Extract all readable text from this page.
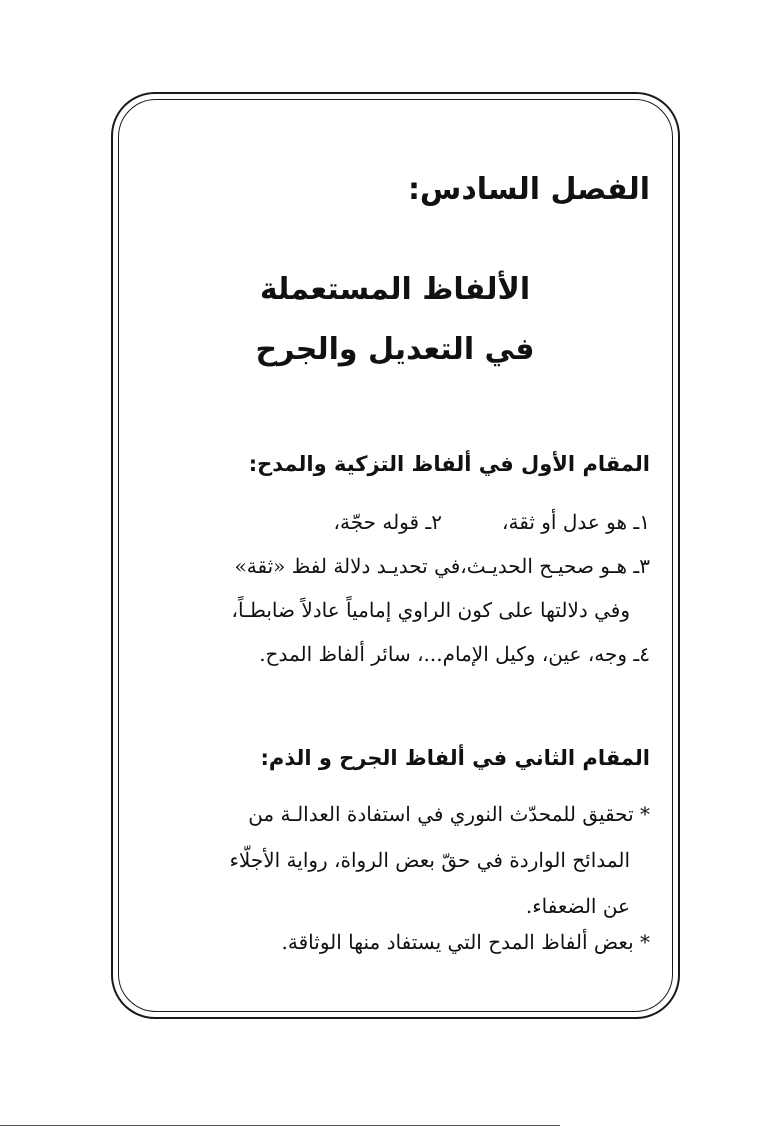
الفصل السادس:
الألفاظ المستعملة
في التعديل والجرح
المقام الأول في ألفاظ التزكية والمدح:
١ـ هو عدل أو ثقة،٢ـ قوله حجّة،
٣ـ هـو صحيـح الحديـث،في تحديـد دلالة لفظ «ثقة»
وفي دلالتها على كون الراوي إمامياً عادلاً ضابطـاً،
٤ـ وجه، عين، وكيل الإمام...، سائر ألفاظ المدح.
المقام الثاني في ألفاظ الجرح و الذم:
* تحقيق للمحدّث النوري في استفادة العدالـة من
المدائح الواردة في حقّ بعض الرواة، رواية الأجلّاء
عن الضعفاء.
* بعض ألفاظ المدح التي يستفاد منها الوثاقة.
